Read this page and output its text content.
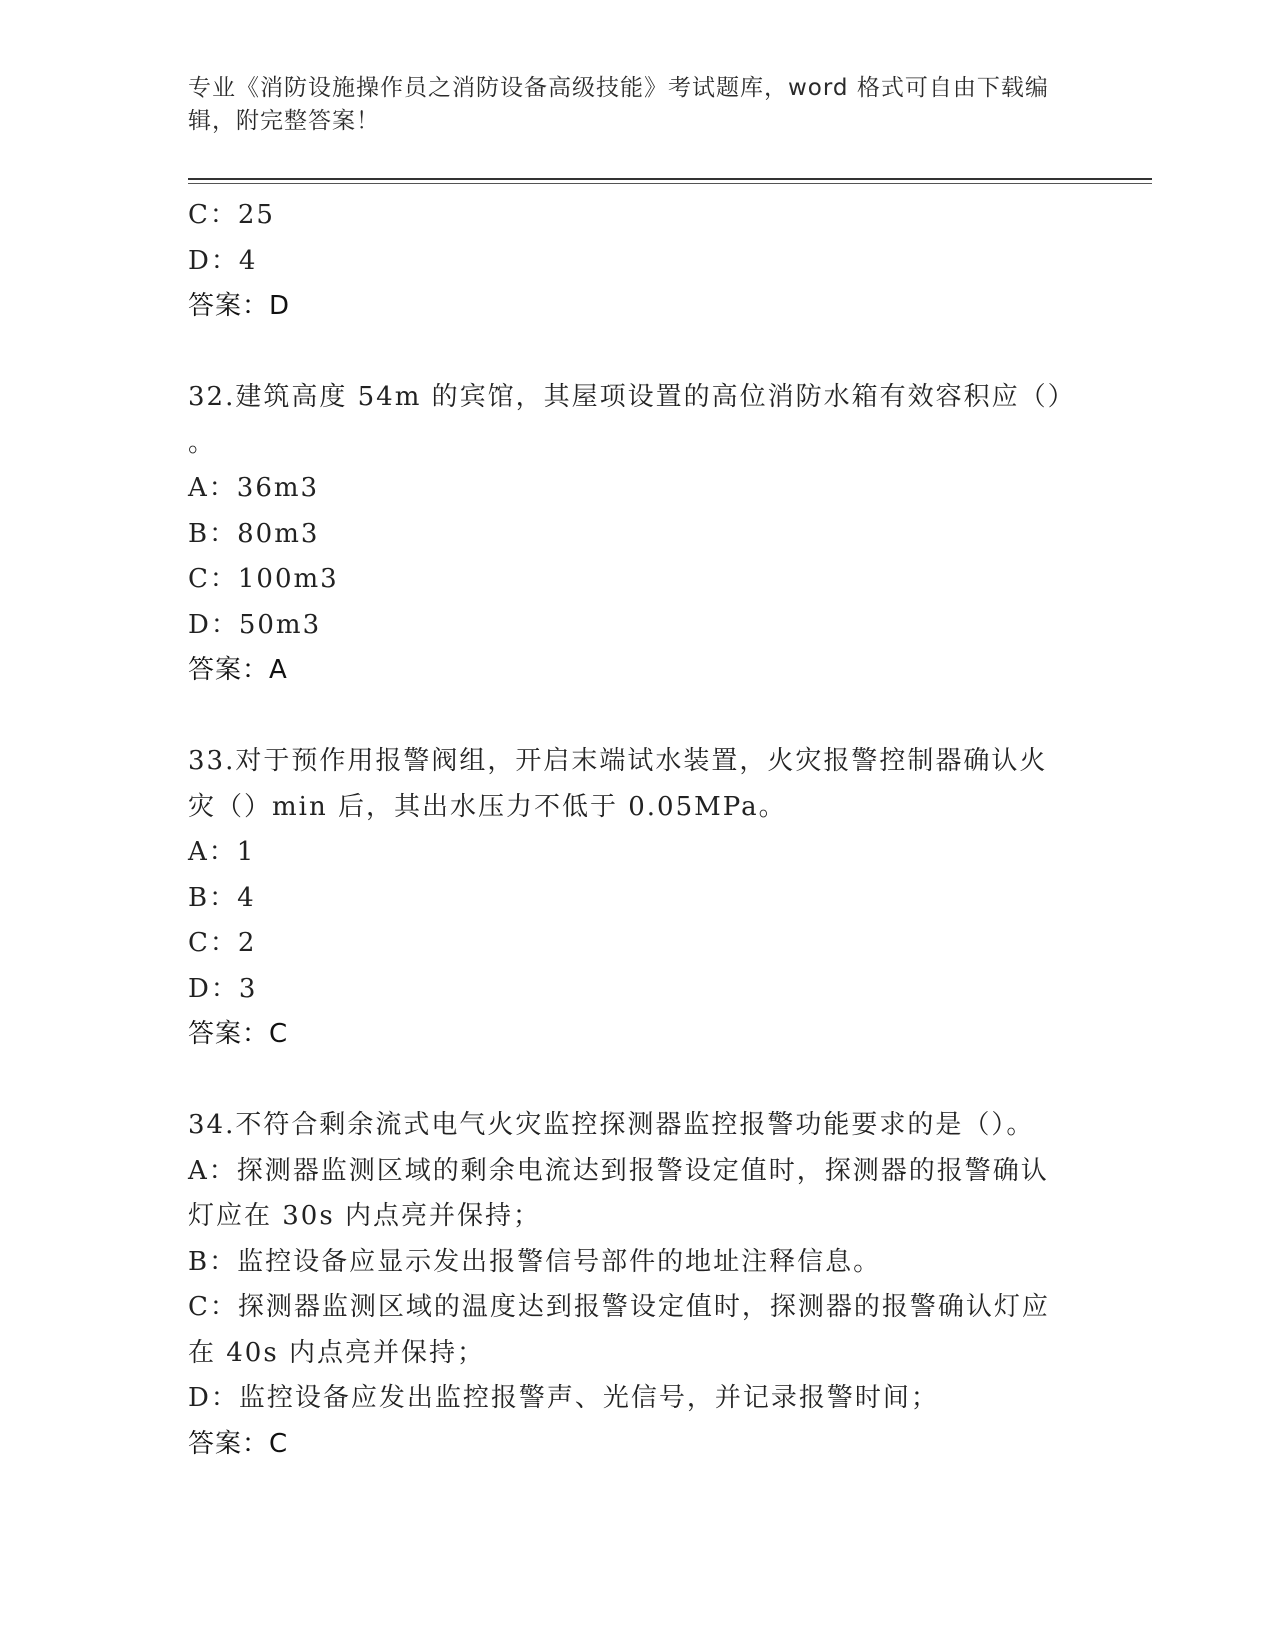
专业《消防设施操作员之消防设备高级技能》考试题库，word 格式可自由下载编
辑，附完整答案！
C：25
D：4
答案：D
32.建筑高度 54m 的宾馆，其屋项设置的高位消防水箱有效容积应（）
。
A：36m3
B：80m3
C：100m3
D：50m3
答案：A
33.对于预作用报警阀组，开启末端试水装置，火灾报警控制器确认火
灾（）min 后，其出水压力不低于 0.05MPa。
A：1
B：4
C：2
D：3
答案：C
34.不符合剩余流式电气火灾监控探测器监控报警功能要求的是（）。
A：探测器监测区域的剩余电流达到报警设定值时，探测器的报警确认
灯应在 30s 内点亮并保持；
B：监控设备应显示发出报警信号部件的地址注释信息。
C：探测器监测区域的温度达到报警设定值时，探测器的报警确认灯应
在 40s 内点亮并保持；
D：监控设备应发出监控报警声、光信号，并记录报警时间；
答案：C
